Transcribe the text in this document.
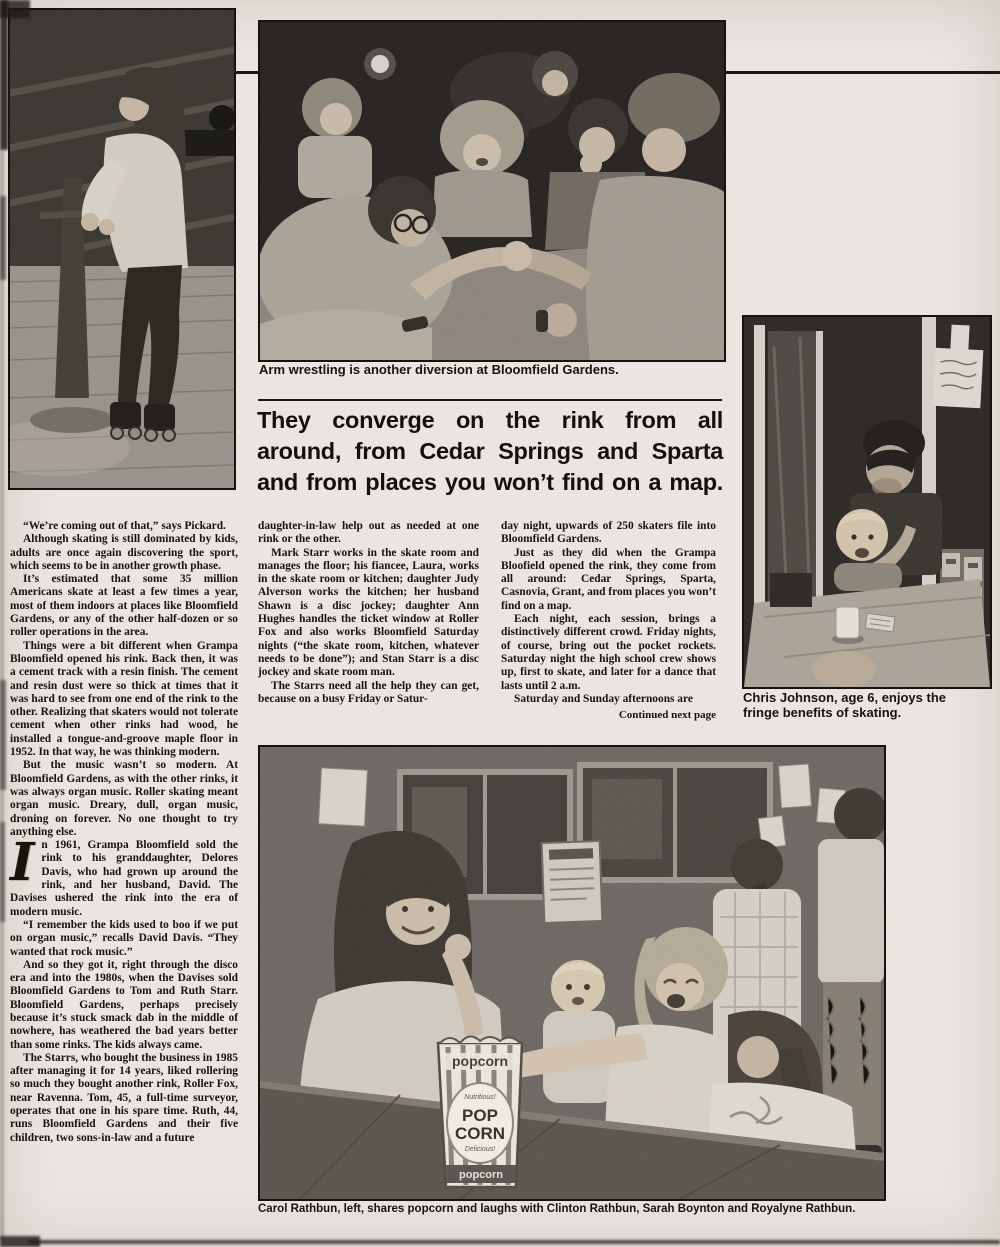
Arm wrestling is another diversion at Bloomfield Gardens.
They converge on the rink from all
around, from Cedar Springs and Sparta
and from places you won’t find on a map.
Chris Johnson, age 6, enjoys the fringe benefits of skating.

“We’re coming out of that,” says Pickard.

Although skating is still dominated by kids, adults are once again discovering the sport, which seems to be in another growth phase.

It’s estimated that some 35 million Americans skate at least a few times a year, most of them indoors at places like Bloomfield Gardens, or any of the other half-dozen or so roller operations in the area.

Things were a bit different when Grampa Bloomfield opened his rink. Back then, it was a cement track with a resin finish. The cement and resin dust were so thick at times that it was hard to see from one end of the rink to the other. Realizing that skaters would not tolerate cement when other rinks had wood, he installed a tongue-and-groove maple floor in 1952. In that way, he was thinking modern.

But the music wasn’t so modern. At Bloomfield Gardens, as with the other rinks, it was always organ music. Roller skating meant organ music. Dreary, dull, organ music, droning on forever. No one thought to try anything else.

In 1961, Grampa Bloomfield sold the rink to his granddaughter, Delores Davis, who had grown up around the rink, and her husband, David. The Davises ushered the rink into the era of modern music.

“I remember the kids used to boo if we put on organ music,” recalls David Davis. “They wanted that rock music.”

And so they got it, right through the disco era and into the 1980s, when the Davises sold Bloomfield Gardens to Tom and Ruth Starr. Bloomfield Gardens, perhaps precisely because it’s stuck smack dab in the middle of nowhere, has weathered the bad years better than some rinks. The kids always came.

The Starrs, who bought the business in 1985 after managing it for 14 years, liked rollering so much they bought another rink, Roller Fox, near Ravenna. Tom, 45, a full-time surveyor, operates that one in his spare time. Ruth, 44, runs Bloomfield Gardens and their five children, two sons-in-law and a future

daughter-in-law help out as needed at one rink or the other.

Mark Starr works in the skate room and manages the floor; his fiancee, Laura, works in the skate room or kitchen; daughter Judy Alverson works the kitchen; her husband Shawn is a disc jockey; daughter Ann Hughes handles the ticket window at Roller Fox and also works Bloomfield Saturday nights (“the skate room, kitchen, whatever needs to be done”); and Stan Starr is a disc jockey and skate room man.

The Starrs need all the help they can get, because on a busy Friday or Satur-

day night, upwards of 250 skaters file into Bloomfield Gardens.

Just as they did when the Grampa Bloofield opened the rink, they come from all around: Cedar Springs, Sparta, Casnovia, Grant, and from places you won’t find on a map.

Each night, each session, brings a distinctively different crowd. Friday nights, of course, bring out the pocket rockets. Saturday night the high school crew shows up, first to skate, and later for a dance that lasts until 2 a.m.

Saturday and Sunday afternoons are

Continued next page

popcorn
Nutritious!
POP
CORN
Delicious!
popcorn
Carol Rathbun, left, shares popcorn and laughs with Clinton Rathbun, Sarah Boynton and Royalyne Rathbun.
